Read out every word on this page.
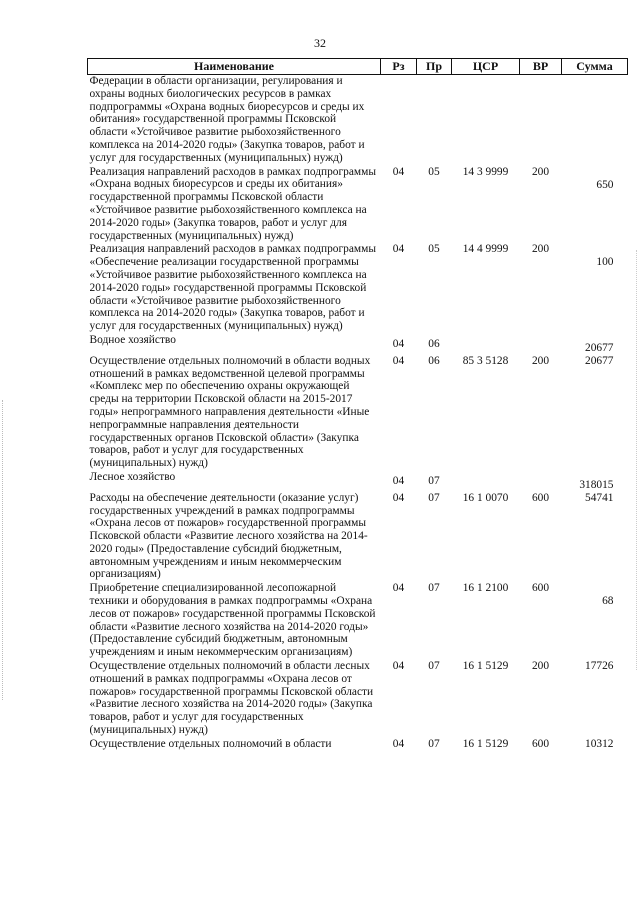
32
Наименование	Рз	Пр	ЦСР	ВР	Сумма
Федерации в области организации, регулирования и охраны водных биологических ресурсов в рамках подпрограммы «Охрана водных биоресурсов и среды их обитания» государственной программы Псковской области «Устойчивое развитие рыбохозяйственного комплекса на 2014-2020 годы» (Закупка товаров, работ и услуг для государственных (муниципальных) нужд)					
Реализация направлений расходов в рамках подпрограммы «Охрана водных биоресурсов и среды их обитания» государственной программы Псковской области «Устойчивое развитие рыбохозяйственного комплекса на 2014-2020 годы» (Закупка товаров, работ и услуг для государственных (муниципальных) нужд)	04	05	14 3 9999	200	650
Реализация направлений расходов в рамках подпрограммы «Обеспечение реализации государственной программы «Устойчивое развитие рыбохозяйственного комплекса на 2014-2020 годы» государственной программы Псковской области «Устойчивое развитие рыбохозяйственного комплекса на 2014-2020 годы» (Закупка товаров, работ и услуг для государственных (муниципальных) нужд)	04	05	14 4 9999	200	100
Водное хозяйство	04	06			20677
Осуществление отдельных полномочий в области водных отношений в рамках ведомственной целевой программы «Комплекс мер по обеспечению охраны окружающей среды на территории Псковской области на 2015-2017 годы» непрограммного направления деятельности «Иные непрограммные направления деятельности государственных органов Псковской области» (Закупка товаров, работ и услуг для государственных (муниципальных) нужд)	04	06	85 3 5128	200	20677
Лесное хозяйство	04	07			318015
Расходы на обеспечение деятельности (оказание услуг) государственных учреждений в рамках подпрограммы «Охрана лесов от пожаров» государственной программы Псковской области «Развитие лесного хозяйства на 2014-2020 годы» (Предоставление субсидий бюджетным, автономным учреждениям и иным некоммерческим организациям)	04	07	16 1 0070	600	54741
Приобретение специализированной лесопожарной техники и оборудования в рамках подпрограммы «Охрана лесов от пожаров» государственной программы Псковской области «Развитие лесного хозяйства на 2014-2020 годы» (Предоставление субсидий бюджетным, автономным учреждениям и иным некоммерческим организациям)	04	07	16 1 2100	600	68
Осуществление отдельных полномочий в области лесных отношений в рамках подпрограммы «Охрана лесов от пожаров» государственной программы Псковской области «Развитие лесного хозяйства на 2014-2020 годы» (Закупка товаров, работ и услуг для государственных (муниципальных) нужд)	04	07	16 1 5129	200	17726
Осуществление отдельных полномочий в области	04	07	16 1 5129	600	10312
